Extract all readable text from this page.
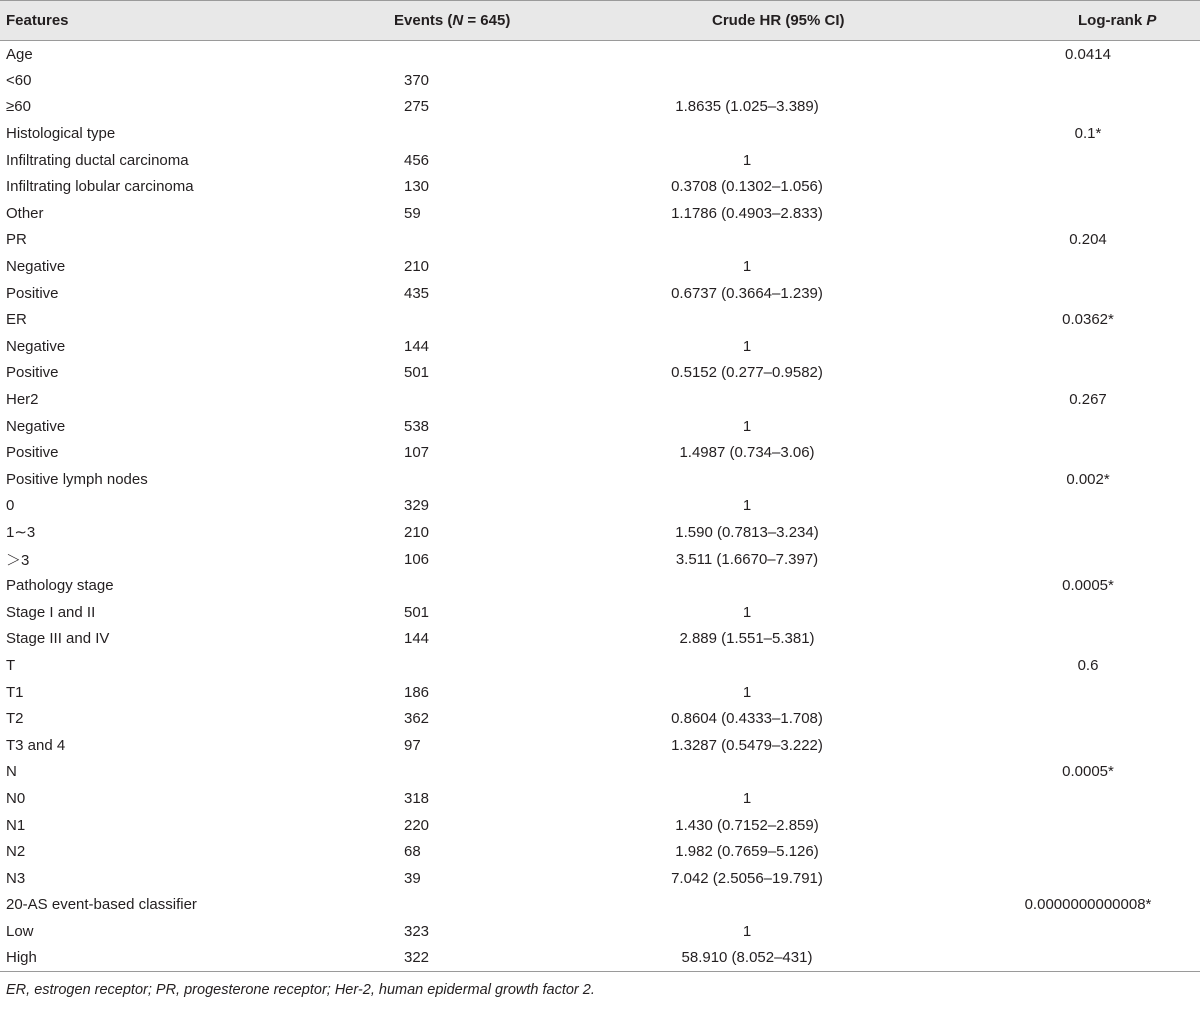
Features	Events (N = 645)	Crude HR (95% CI)	Log-rank P
Age			0.0414
<60	370		
≥60	275	1.8635 (1.025–3.389)	
Histological type			0.1*
Infiltrating ductal carcinoma	456	1	
Infiltrating lobular carcinoma	130	0.3708 (0.1302–1.056)	
Other	59	1.1786 (0.4903–2.833)	
PR			0.204
Negative	210	1	
Positive	435	0.6737 (0.3664–1.239)	
ER			0.0362*
Negative	144	1	
Positive	501	0.5152 (0.277–0.9582)	
Her2			0.267
Negative	538	1	
Positive	107	1.4987 (0.734–3.06)	
Positive lymph nodes			0.002*
0	329	1	
1∼3	210	1.590 (0.7813–3.234)	
＞3	106	3.511 (1.6670–7.397)	
Pathology stage			0.0005*
Stage I and II	501	1	
Stage III and IV	144	2.889 (1.551–5.381)	
T			0.6
T1	186	1	
T2	362	0.8604 (0.4333–1.708)	
T3 and 4	97	1.3287 (0.5479–3.222)	
N			0.0005*
N0	318	1	
N1	220	1.430 (0.7152–2.859)	
N2	68	1.982 (0.7659–5.126)	
N3	39	7.042 (2.5056–19.791)	
20-AS event-based classifier			0.0000000000008*
Low	323	1	
High	322	58.910 (8.052–431)	
ER, estrogen receptor; PR, progesterone receptor; Her-2, human epidermal growth factor 2.
